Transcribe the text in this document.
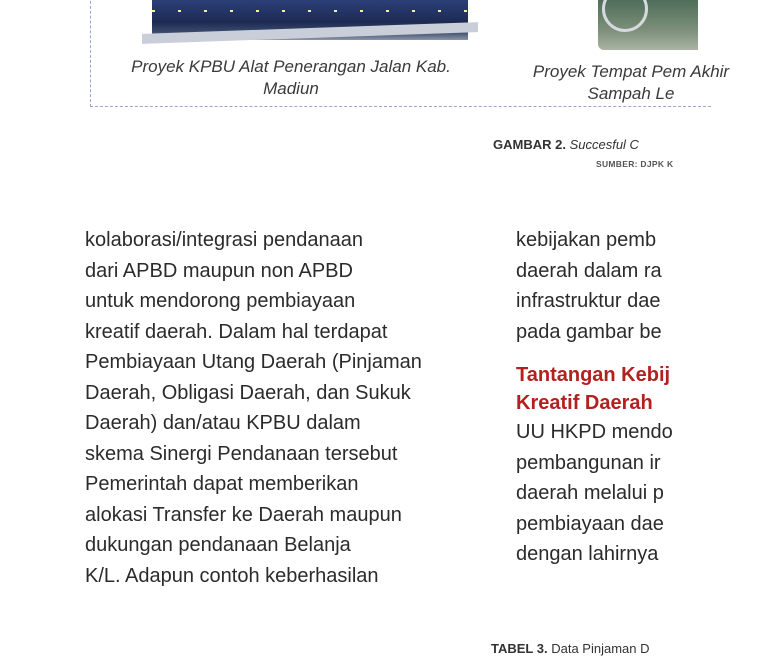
Proyek KPBU Alat Penerangan Jalan Kab. Madiun
Proyek Tempat Pem Akhir Sampah Le
GAMBAR 2. Succesful C
SUMBER: DJPK K

kolaborasi/integrasi pendanaan

dari APBD maupun non APBD

untuk mendorong pembiayaan

kreatif daerah. Dalam hal terdapat

Pembiayaan Utang Daerah (Pinjaman

Daerah, Obligasi Daerah, dan Sukuk

Daerah) dan/atau KPBU dalam

skema Sinergi Pendanaan tersebut

Pemerintah dapat memberikan

alokasi Transfer ke Daerah maupun

dukungan pendanaan Belanja

K/L. Adapun contoh keberhasilan

kebijakan pemb

daerah dalam ra

infrastruktur dae

pada gambar be

Tantangan Kebij

Kreatif Daerah

UU HKPD mendo

pembangunan ir

daerah melalui p

pembiayaan dae

dengan lahirnya

TABEL 3. Data Pinjaman D
